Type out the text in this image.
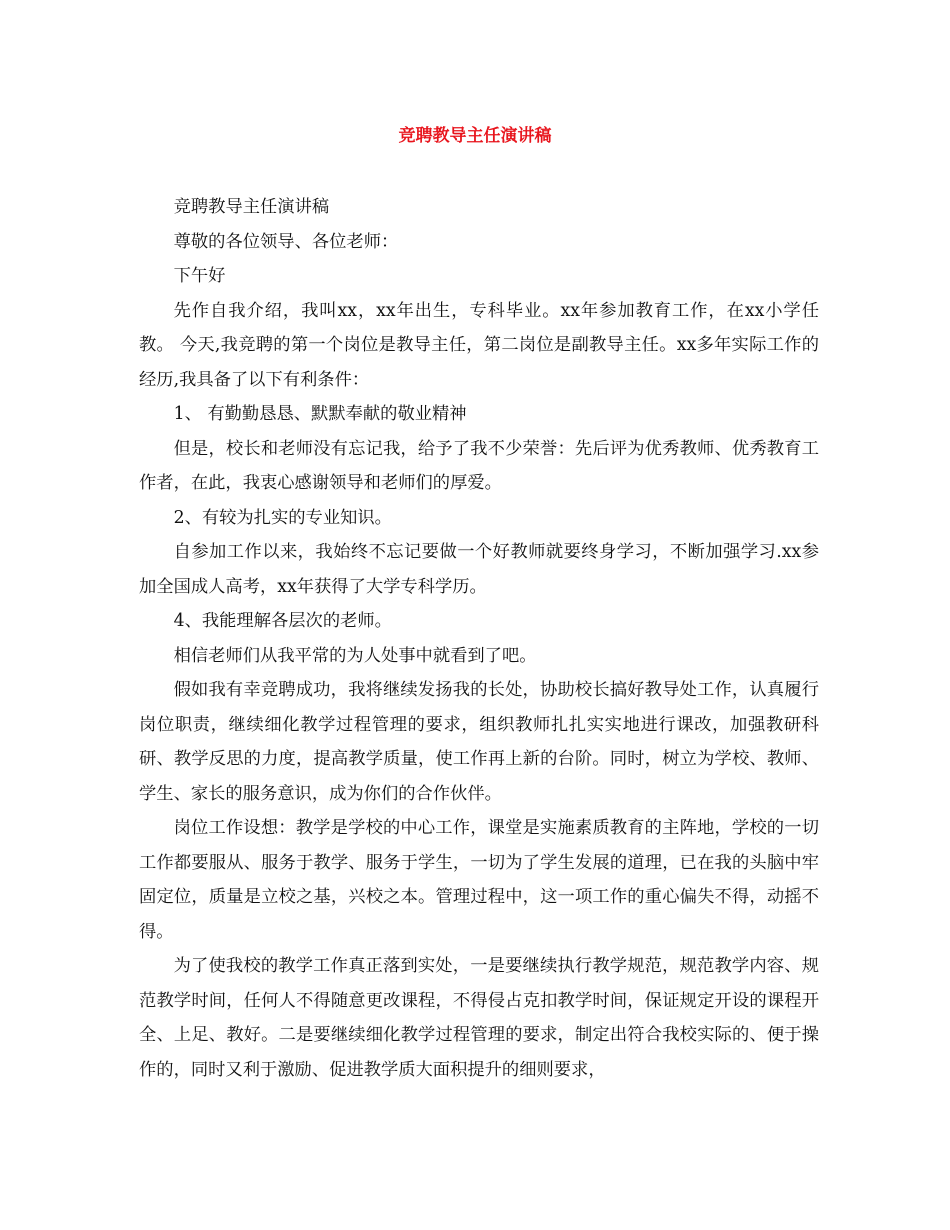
竞聘教导主任演讲稿

竞聘教导主任演讲稿

尊敬的各位领导、各位老师：

下午好

先作自我介绍，我叫xx，xx年出生，专科毕业。xx年参加教育工作，在xx小学任教。 今天,我竞聘的第一个岗位是教导主任，第二岗位是副教导主任。xx多年实际工作的经历,我具备了以下有利条件：

1、 有勤勤恳恳、默默奉献的敬业精神

但是，校长和老师没有忘记我，给予了我不少荣誉：先后评为优秀教师、优秀教育工作者，在此，我衷心感谢领导和老师们的厚爱。

2、有较为扎实的专业知识。

自参加工作以来，我始终不忘记要做一个好教师就要终身学习，不断加强学习.xx参加全国成人高考，xx年获得了大学专科学历。

4、我能理解各层次的老师。

相信老师们从我平常的为人处事中就看到了吧。

假如我有幸竞聘成功，我将继续发扬我的长处，协助校长搞好教导处工作，认真履行岗位职责，继续细化教学过程管理的要求，组织教师扎扎实实地进行课改，加强教研科研、教学反思的力度，提高教学质量，使工作再上新的台阶。同时，树立为学校、教师、学生、家长的服务意识，成为你们的合作伙伴。

岗位工作设想：教学是学校的中心工作，课堂是实施素质教育的主阵地，学校的一切工作都要服从、服务于教学、服务于学生，一切为了学生发展的道理，已在我的头脑中牢固定位，质量是立校之基，兴校之本。管理过程中，这一项工作的重心偏失不得，动摇不得。

为了使我校的教学工作真正落到实处，一是要继续执行教学规范，规范教学内容、规范教学时间，任何人不得随意更改课程，不得侵占克扣教学时间，保证规定开设的课程开全、上足、教好。二是要继续细化教学过程管理的要求，制定出符合我校实际的、便于操作的，同时又利于激励、促进教学质大面积提升的细则要求，
